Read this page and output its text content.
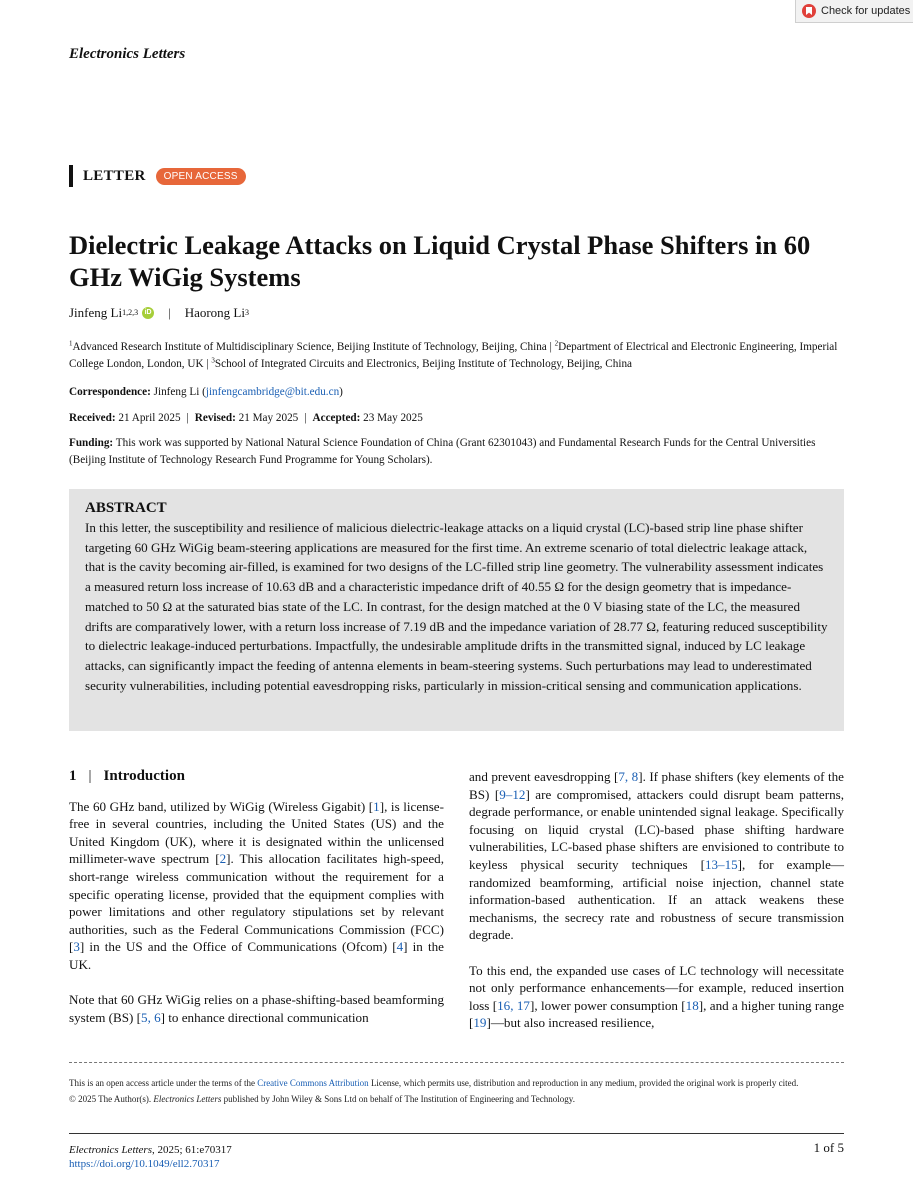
Check for updates
Electronics Letters
LETTER	OPEN ACCESS
Dielectric Leakage Attacks on Liquid Crystal Phase Shifters in 60 GHz WiGig Systems
Jinfeng Li 1,2,3 iD | Haorong Li 3
$^1$Advanced Research Institute of Multidisciplinary Science, Beijing Institute of Technology, Beijing, China | $^2$Department of Electrical and Electronic Engineering, Imperial College London, London, UK | $^3$School of Integrated Circuits and Electronics, Beijing Institute of Technology, Beijing, China
Correspondence: Jinfeng Li (jinfengcambridge@bit.edu.cn)
Received: 21 April 2025 | Revised: 21 May 2025 | Accepted: 23 May 2025
Funding: This work was supported by National Natural Science Foundation of China (Grant 62301043) and Fundamental Research Funds for the Central Universities (Beijing Institute of Technology Research Fund Programme for Young Scholars).
ABSTRACT

In this letter, the susceptibility and resilience of malicious dielectric-leakage attacks on a liquid crystal (LC)-based strip line phase shifter targeting 60 GHz WiGig beam-steering applications are measured for the first time. An extreme scenario of total dielectric leakage attack, that is the cavity becoming air-filled, is examined for two designs of the LC-filled strip line geometry. The vulnerability assessment indicates a measured return loss increase of 10.63 dB and a characteristic impedance drift of 40.55 Ω for the design geometry that is impedance-matched to 50 Ω at the saturated bias state of the LC. In contrast, for the design matched at the 0 V biasing state of the LC, the measured drifts are comparatively lower, with a return loss increase of 7.19 dB and the impedance variation of 28.77 Ω, featuring reduced susceptibility to dielectric leakage-induced perturbations. Impactfully, the undesirable amplitude drifts in the transmitted signal, induced by LC leakage attacks, can significantly impact the feeding of antenna elements in beam-steering systems. Such perturbations may lead to underestimated security vulnerabilities, including potential eavesdropping risks, particularly in mission-critical sensing and communication applications.

1 | Introduction

The 60 GHz band, utilized by WiGig (Wireless Gigabit) [1], is license-free in several countries, including the United States (US) and the United Kingdom (UK), where it is designated within the unlicensed millimeter-wave spectrum [2]. This allocation facilitates high-speed, short-range wireless communication without the requirement for a specific operating license, provided that the equipment complies with power limitations and other regulatory stipulations set by relevant authorities, such as the Federal Communications Commission (FCC) [3] in the US and the Office of Communications (Ofcom) [4] in the UK.

Note that 60 GHz WiGig relies on a phase-shifting-based beamforming system (BS) [5, 6] to enhance directional communication

and prevent eavesdropping [7, 8]. If phase shifters (key elements of the BS) [9–12] are compromised, attackers could disrupt beam patterns, degrade performance, or enable unintended signal leakage. Specifically focusing on liquid crystal (LC)-based phase shifting hardware vulnerabilities, LC-based phase shifters are envisioned to contribute to keyless physical security techniques [13–15], for example—randomized beamforming, artificial noise injection, channel state information-based authentication. If an attack weakens these mechanisms, the secrecy rate and robustness of secure transmission degrade.

To this end, the expanded use cases of LC technology will necessitate not only performance enhancements—for example, reduced insertion loss [16, 17], lower power consumption [18], and a higher tuning range [19]—but also increased resilience,

This is an open access article under the terms of the Creative Commons Attribution License, which permits use, distribution and reproduction in any medium, provided the original work is properly cited.

© 2025 The Author(s). Electronics Letters published by John Wiley & Sons Ltd on behalf of The Institution of Engineering and Technology.

Electronics Letters, 2025; 61:e70317
https://doi.org/10.1049/ell2.70317
1 of 5
